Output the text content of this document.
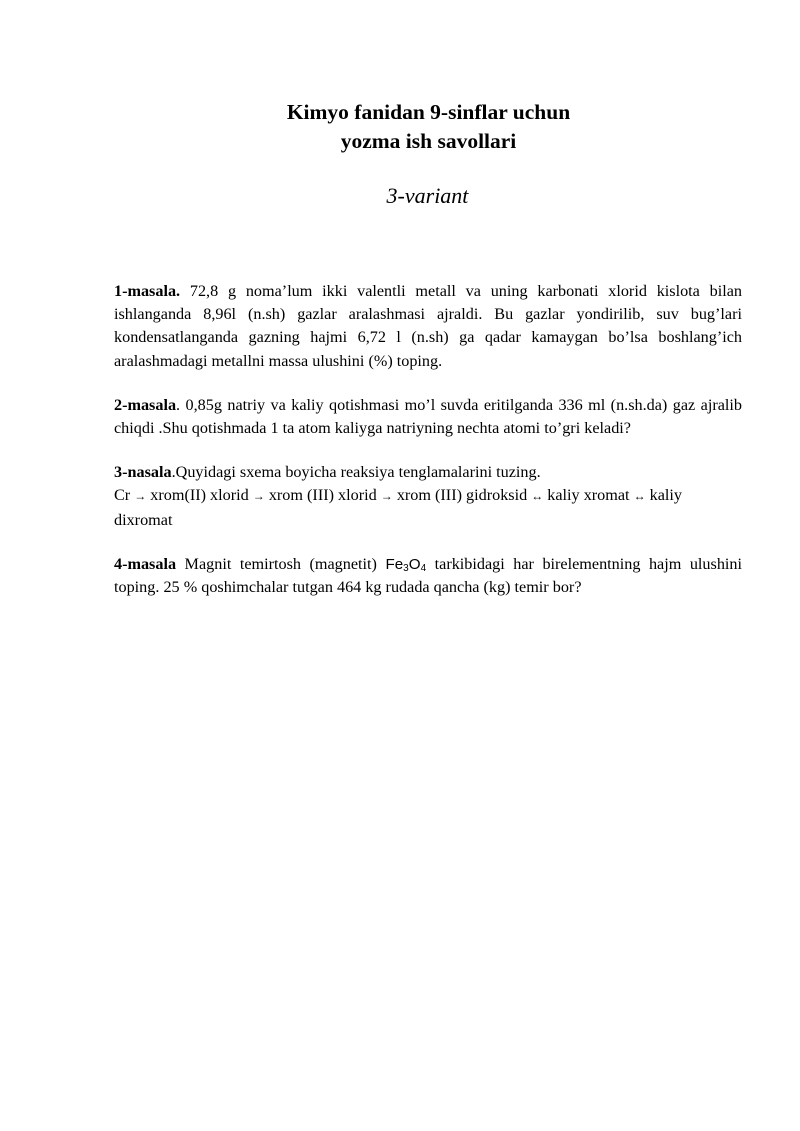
Kimyo fanidan 9-sinflar uchun
yozma ish savollari
3-variant

1-masala. 72,8 g noma’lum ikki valentli metall va uning karbonati xlorid kislota bilan ishlanganda 8,96l (n.sh) gazlar aralashmasi ajraldi. Bu gazlar yondirilib, suv bug’lari kondensatlanganda gazning hajmi 6,72 l (n.sh) ga qadar kamaygan bo’lsa boshlang’ich aralashmadagi metallni massa ulushini (%) toping.

2-masala. 0,85g natriy va kaliy qotishmasi mo’l suvda eritilganda 336 ml (n.sh.da) gaz ajralib chiqdi .Shu qotishmada 1 ta atom kaliyga natriyning nechta atomi to’gri keladi?

3-nasala.Quyidagi sxema boyicha reaksiya tenglamalarini tuzing.
Cr → xrom(II) xlorid → xrom (III) xlorid → xrom (III) gidroksid ↔ kaliy xromat ↔ kaliy dixromat

4-masala Magnit temirtosh (magnetit) $Fe_3O_4$ tarkibidagi har birelementning hajm ulushini toping. 25 % qoshimchalar tutgan 464 kg rudada qancha (kg) temir bor?
